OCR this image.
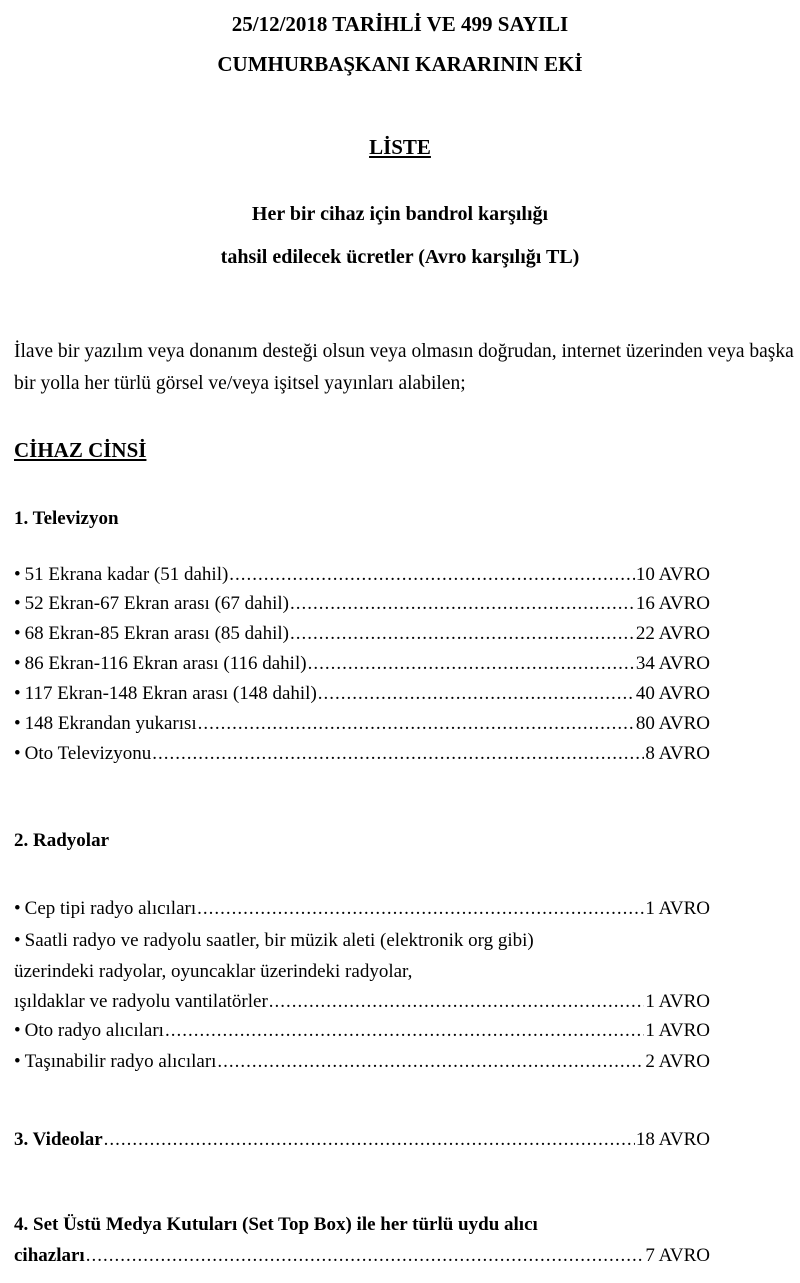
25/12/2018 TARİHLİ VE 499 SAYILI
CUMHURBAŞKANI KARARININ EKİ
LİSTE
Her bir cihaz için bandrol karşılığı
tahsil edilecek ücretler (Avro karşılığı TL)
İlave bir yazılım veya donanım desteği olsun veya olmasın doğrudan, internet üzerinden veya başka bir yolla her türlü görsel ve/veya işitsel yayınları alabilen;
CİHAZ CİNSİ
1. Televizyon
• 51 Ekrana kadar (51 dahil) .....	10 AVRO
• 52 Ekran-67 Ekran arası (67 dahil) .....	16 AVRO
• 68 Ekran-85 Ekran arası (85 dahil) .....	22 AVRO
• 86 Ekran-116 Ekran arası (116 dahil) .....	34 AVRO
• 117 Ekran-148 Ekran arası (148 dahil) .....	40 AVRO
• 148 Ekrandan yukarısı .....	80 AVRO
• Oto Televizyonu .....	8 AVRO
2. Radyolar
• Cep tipi radyo alıcıları .....	1 AVRO
• Saatli radyo ve radyolu saatler, bir müzik aleti (elektronik org gibi)
üzerindeki radyolar, oyuncaklar üzerindeki radyolar,
ışıldaklar ve radyolu vantilatörler .....	1 AVRO
• Oto radyo alıcıları .....	1 AVRO
• Taşınabilir radyo alıcıları .....	2 AVRO
3. Videolar .....	18 AVRO
4. Set Üstü Medya Kutuları (Set Top Box) ile her türlü uydu alıcı
cihazları .....	7 AVRO
